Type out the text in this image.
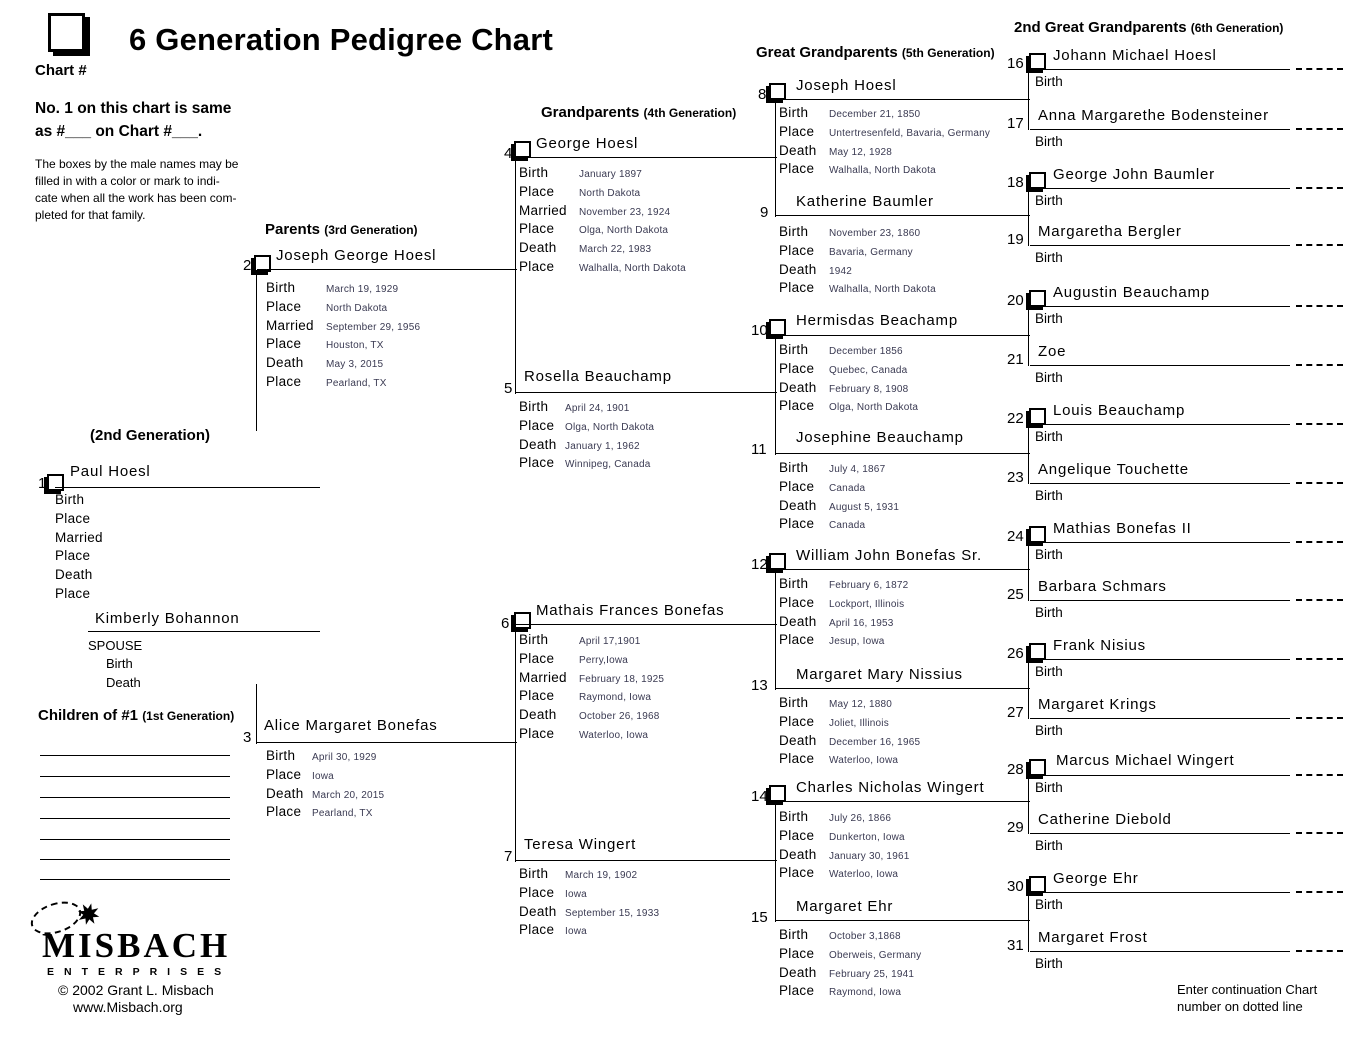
Chart #
6 Generation Pedigree Chart
No. 1 on this chart is same
as #___ on Chart #___.
The boxes by the male names may be
filled in with a color or mark to indi-
cate when all the work has been com-
pleted for that family.
Parents (3rd Generation)
Grandparents (4th Generation)
Great Grandparents (5th Generation)
2nd Great Grandparents (6th Generation)
(2nd Generation)
Children of #1 (1st Generation)
1
Paul Hoesl
Birth
Place
Married
Place
Death
Place
Kimberly Bohannon
SPOUSE
Birth
Death
2
Joseph George Hoesl
Birth	March 19, 1929
Place	North Dakota
Married	September 29, 1956
Place	Houston, TX
Death	May 3, 2015
Place	Pearland, TX
3
Alice Margaret Bonefas
Birth	April 30, 1929
Place	Iowa
Death March 20, 2015
Place	Pearland, TX
4
George Hoesl
Birth	January 1897
Place	North Dakota
Married	November 23, 1924
Place	Olga, North Dakota
Death	March 22, 1983
Place	Walhalla, North Dakota
5
Rosella Beauchamp
Birth	April 24, 1901
Place	Olga, North Dakota
Death January 1, 1962
Place	Winnipeg, Canada
6
Mathais Frances Bonefas
Birth	April 17,1901
Place	Perry,Iowa
Married	February 18, 1925
Place	Raymond, Iowa
Death	October 26, 1968
Place	Waterloo, Iowa
7
Teresa Wingert
Birth	March 19, 1902
Place	Iowa
Death September 15, 1933
Place	Iowa
8
Joseph Hoesl
Birth	December 21, 1850
Place	Untertresenfeld, Bavaria, Germany
Death	May 12, 1928
Place	Walhalla, North Dakota
9
Katherine Baumler
Birth	November 23, 1860
Place	Bavaria, Germany
Death	1942
Place	Walhalla, North Dakota
10
Hermisdas Beachamp
Birth	December 1856
Place	Quebec, Canada
Death	February 8, 1908
Place	Olga, North Dakota
11
Josephine Beauchamp
Birth	July 4, 1867
Place	Canada
Death	August 5, 1931
Place	Canada
12
William John Bonefas Sr.
Birth	February 6, 1872
Place	Lockport, Illinois
Death	April 16, 1953
Place	Jesup, Iowa
13
Margaret Mary Nissius
Birth	May 12, 1880
Place	Joliet, Illinois
Death	December 16, 1965
Place	Waterloo, Iowa
14
Charles Nicholas Wingert
Birth	July 26, 1866
Place	Dunkerton, Iowa
Death	January 30, 1961
Place	Waterloo, Iowa
15
Margaret Ehr
Birth	October 3,1868
Place	Oberweis, Germany
Death	February 25, 1941
Place	Raymond, Iowa
16 Johann Michael Hoesl
Birth
17 Anna Margarethe Bodensteiner
Birth
18 George John Baumler
Birth
19 Margaretha Bergler
Birth
20 Augustin Beauchamp
Birth
21 Zoe
Birth
22 Louis Beauchamp
Birth
23 Angelique Touchette
Birth
24 Mathias Bonefas II
Birth
25 Barbara Schmars
Birth
26 Frank Nisius
Birth
27 Margaret Krings
Birth
28
Marcus Michael Wingert
Birth
29 Catherine Diebold
Birth
30 George Ehr
Birth
31 Margaret Frost
Birth
Enter continuation Chart
number on dotted line
MISBACH
ENTERPRISES
© 2002 Grant L. Misbach
www.Misbach.org
